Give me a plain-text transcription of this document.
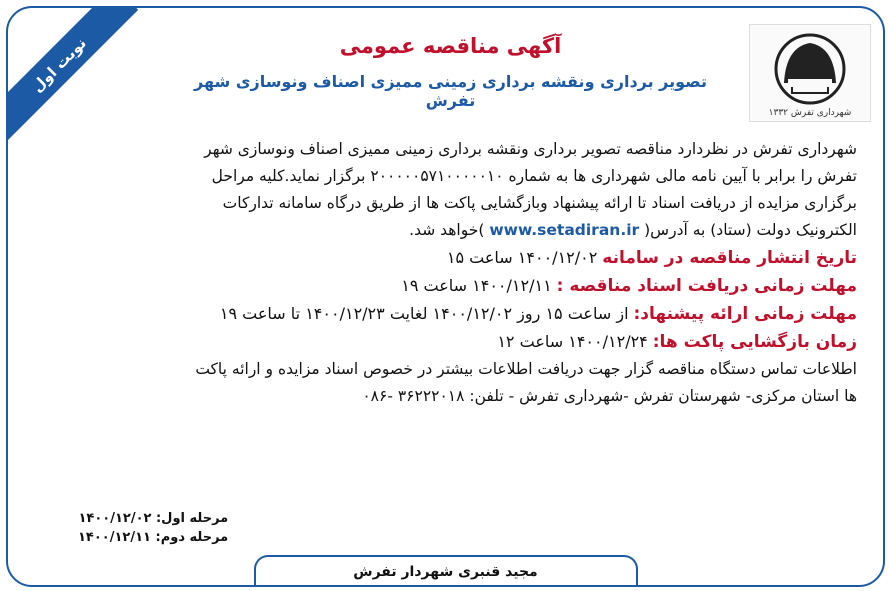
نوبت اول
شهرداری تفرش ۱۳۳۲
آگهی مناقصه عمومی
تصویر برداری ونقشه برداری زمینی ممیزی اصناف ونوسازی شهر تفرش

شهرداری تفرش در نظردارد مناقصه تصویر برداری ونقشه برداری زمینی ممیزی اصناف ونوسازی شهر

تفرش را برابر با آیین نامه مالی شهرداری ها به شماره ۲۰۰۰۰۰۵۷۱۰۰۰۰۰۱۰ برگزار نماید.کلیه مراحل

برگزاری مزایده از دریافت اسناد تا ارائه پیشنهاد وبازگشایی پاکت ها از طریق درگاه سامانه تدارکات

الکترونیک دولت (ستاد) به آدرس( www.setadiran.ir )خواهد شد.

تاریخ انتشار مناقصه در سامانه ۱۴۰۰/۱۲/۰۲ ساعت ۱۵

مهلت زمانی دریافت اسناد مناقصه : ۱۴۰۰/۱۲/۱۱ ساعت ۱۹

مهلت زمانی ارائه پیشنهاد: از ساعت ۱۵ روز ۱۴۰۰/۱۲/۰۲ لغایت ۱۴۰۰/۱۲/۲۳ تا ساعت ۱۹

زمان بازگشایی پاکت ها: ۱۴۰۰/۱۲/۲۴ ساعت ۱۲

اطلاعات تماس دستگاه مناقصه گزار جهت دریافت اطلاعات بیشتر در خصوص اسناد مزایده و ارائه پاکت

ها استان مرکزی- شهرستان تفرش -شهرداری تفرش - تلفن: ۳۶۲۲۲۰۱۸ -۰۸۶

مرحله اول: ۱۴۰۰/۱۲/۰۲
مرحله دوم: ۱۴۰۰/۱۲/۱۱
مجید قنبری شهردار تفرش
